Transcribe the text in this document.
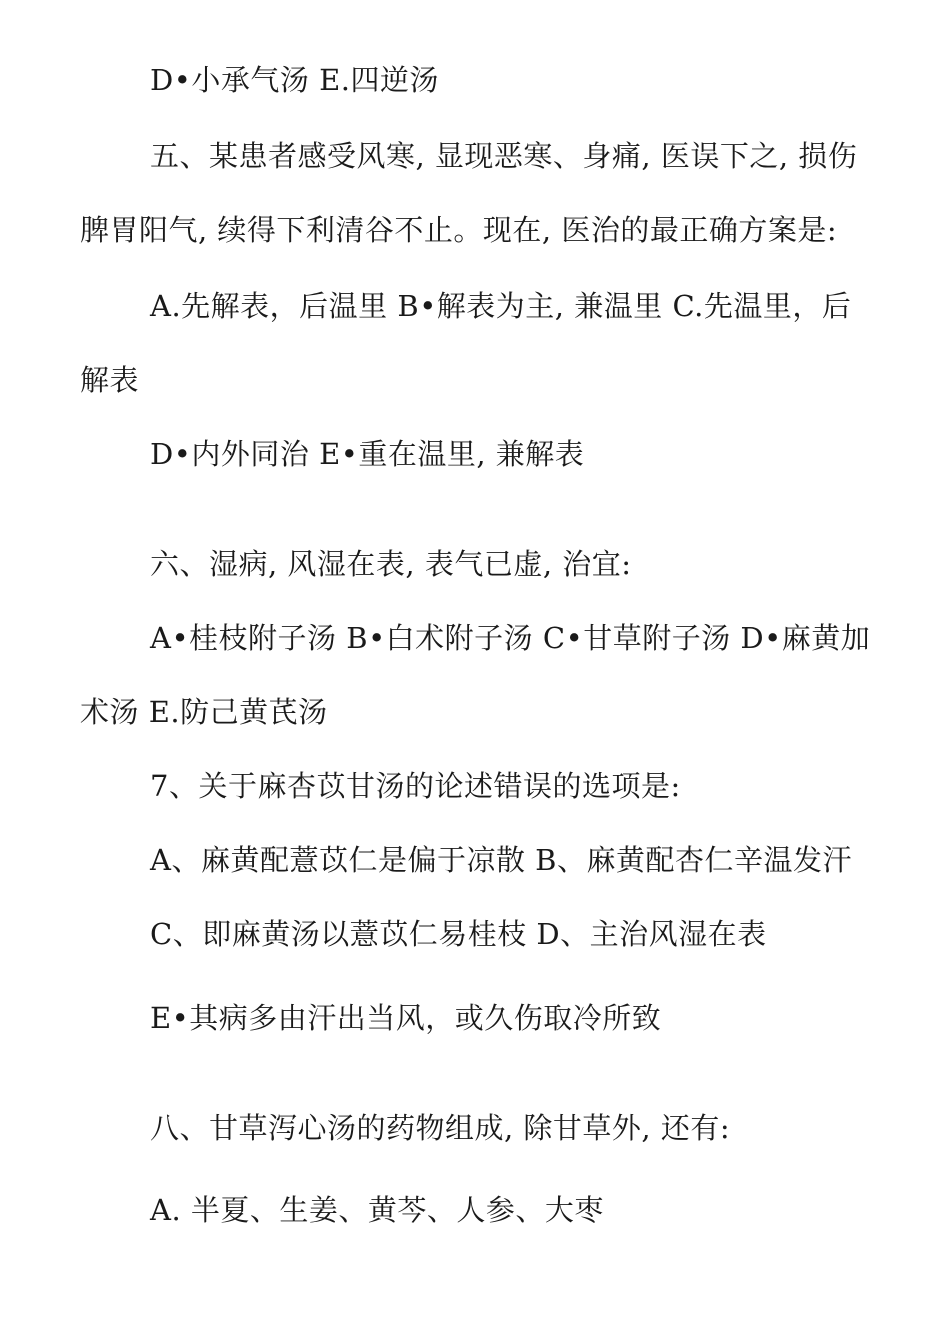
D•小承气汤 E.四逆汤
五、某患者感受风寒, 显现恶寒、身痛, 医误下之, 损伤
脾胃阳气, 续得下利清谷不止。现在, 医治的最正确方案是:
A.先解表，后温里 B•解表为主, 兼温里 C.先温里，后
解表
D•内外同治 E•重在温里, 兼解表
六、湿病, 风湿在表, 表气已虚, 治宜:
A•桂枝附子汤 B•白术附子汤 C•甘草附子汤 D•麻黄加
术汤 E.防己黄芪汤
7、关于麻杏苡甘汤的论述错误的选项是:
A、麻黄配薏苡仁是偏于凉散 B、麻黄配杏仁辛温发汗
C、即麻黄汤以薏苡仁易桂枝 D、主治风湿在表
E•其病多由汗出当风，或久伤取冷所致
八、甘草泻心汤的药物组成, 除甘草外, 还有:
A. 半夏、生姜、黄芩、人参、大枣
